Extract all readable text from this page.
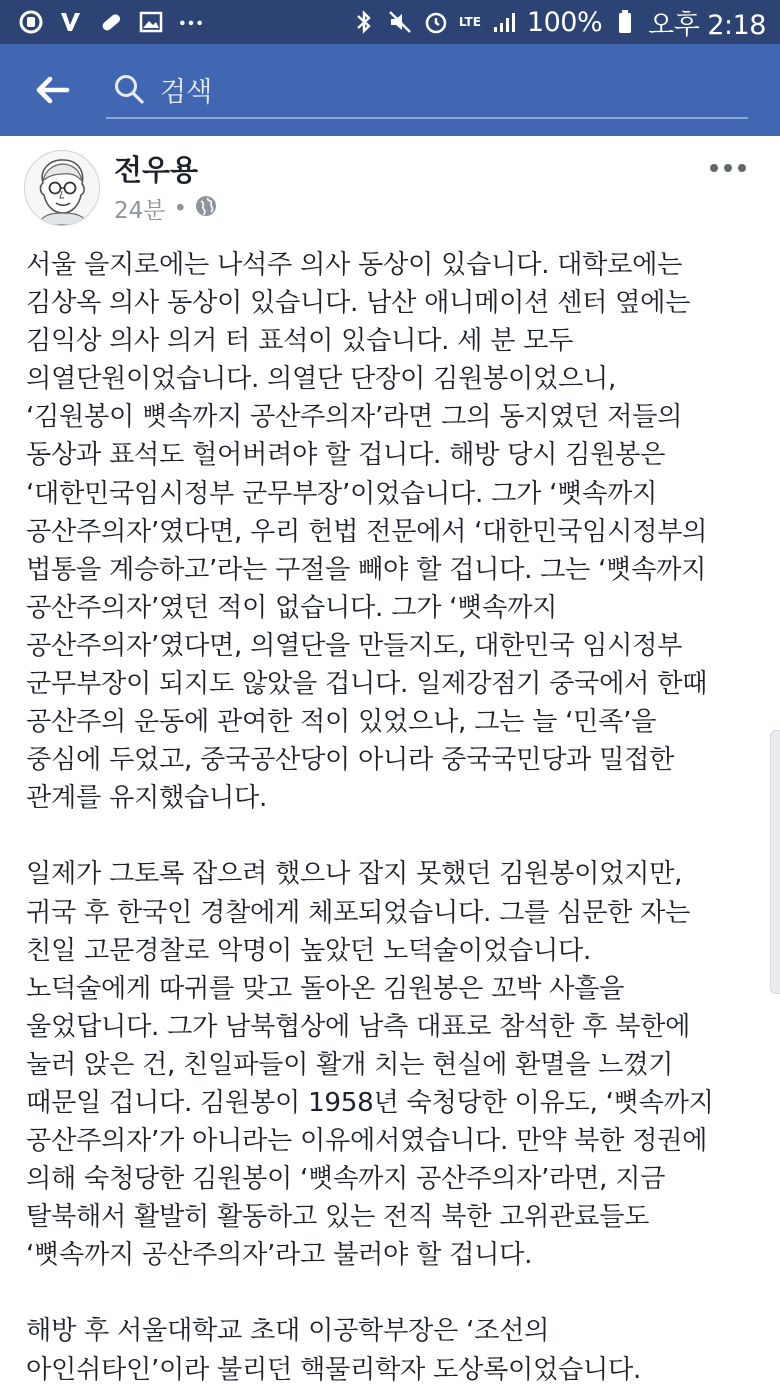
LTE 100% 오후 2:18
검색
전우용
24분 •

서울 을지로에는 나석주 의사 동상이 있습니다. 대학로에는
김상옥 의사 동상이 있습니다. 남산 애니메이션 센터 옆에는
김익상 의사 의거 터 표석이 있습니다. 세 분 모두
의열단원이었습니다. 의열단 단장이 김원봉이었으니,
‘김원봉이 뼛속까지 공산주의자’라면 그의 동지였던 저들의
동상과 표석도 헐어버려야 할 겁니다. 해방 당시 김원봉은
‘대한민국임시정부 군무부장’이었습니다. 그가 ‘뼛속까지
공산주의자’였다면, 우리 헌법 전문에서 ‘대한민국임시정부의
법통을 계승하고’라는 구절을 빼야 할 겁니다. 그는 ‘뼛속까지
공산주의자’였던 적이 없습니다. 그가 ‘뼛속까지
공산주의자’였다면, 의열단을 만들지도, 대한민국 임시정부
군무부장이 되지도 않았을 겁니다. 일제강점기 중국에서 한때
공산주의 운동에 관여한 적이 있었으나, 그는 늘 ‘민족’을
중심에 두었고, 중국공산당이 아니라 중국국민당과 밀접한
관계를 유지했습니다.

일제가 그토록 잡으려 했으나 잡지 못했던 김원봉이었지만,
귀국 후 한국인 경찰에게 체포되었습니다. 그를 심문한 자는
친일 고문경찰로 악명이 높았던 노덕술이었습니다.
노덕술에게 따귀를 맞고 돌아온 김원봉은 꼬박 사흘을
울었답니다. 그가 남북협상에 남측 대표로 참석한 후 북한에
눌러 앉은 건, 친일파들이 활개 치는 현실에 환멸을 느꼈기
때문일 겁니다. 김원봉이 1958년 숙청당한 이유도, ‘뼛속까지
공산주의자’가 아니라는 이유에서였습니다. 만약 북한 정권에
의해 숙청당한 김원봉이 ‘뼛속까지 공산주의자’라면, 지금
탈북해서 활발히 활동하고 있는 전직 북한 고위관료들도
‘뼛속까지 공산주의자’라고 불러야 할 겁니다.

해방 후 서울대학교 초대 이공학부장은 ‘조선의
아인쉬타인’이라 불리던 핵물리학자 도상록이었습니다.
